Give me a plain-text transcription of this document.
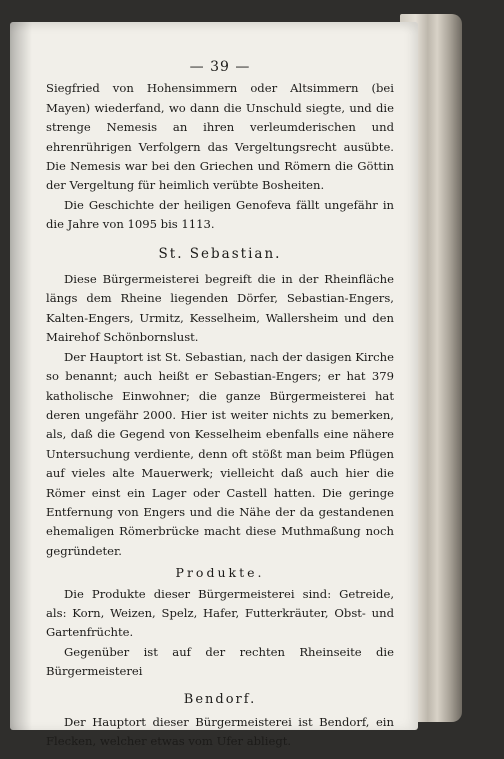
— 39 —

Siegfried von Hohensimmern oder Altsimmern (bei Mayen) wiederfand, wo dann die Unschuld siegte, und die strenge Nemesis an ihren verleumderischen und ehrenrührigen Verfolgern das Vergeltungsrecht ausübte. Die Nemesis war bei den Griechen und Römern die Göttin der Vergeltung für heimlich verübte Bosheiten.

Die Geschichte der heiligen Genofeva fällt ungefähr in die Jahre von 1095 bis 1113.

St. Sebastian.

Diese Bürgermeisterei begreift die in der Rheinfläche längs dem Rheine liegenden Dörfer, Sebastian-Engers, Kalten-Engers, Urmitz, Kesselheim, Wallersheim und den Mairehof Schönbornslust.

Der Hauptort ist St. Sebastian, nach der dasigen Kirche so benannt; auch heißt er Sebastian-Engers; er hat 379 katholische Einwohner; die ganze Bürgermeisterei hat deren ungefähr 2000. Hier ist weiter nichts zu bemerken, als, daß die Gegend von Kesselheim ebenfalls eine nähere Untersuchung verdiente, denn oft stößt man beim Pflügen auf vieles alte Mauerwerk; vielleicht daß auch hier die Römer einst ein Lager oder Castell hatten. Die geringe Entfernung von Engers und die Nähe der da gestandenen ehemaligen Römerbrücke macht diese Muthmaßung noch gegründeter.

Produkte.

Die Produkte dieser Bürgermeisterei sind: Getreide, als: Korn, Weizen, Spelz, Hafer, Futterkräuter, Obst- und Gartenfrüchte.

Gegenüber ist auf der rechten Rheinseite die Bürgermeisterei

Bendorf.

Der Hauptort dieser Bürgermeisterei ist Bendorf, ein Flecken, welcher etwas vom Ufer abliegt.
